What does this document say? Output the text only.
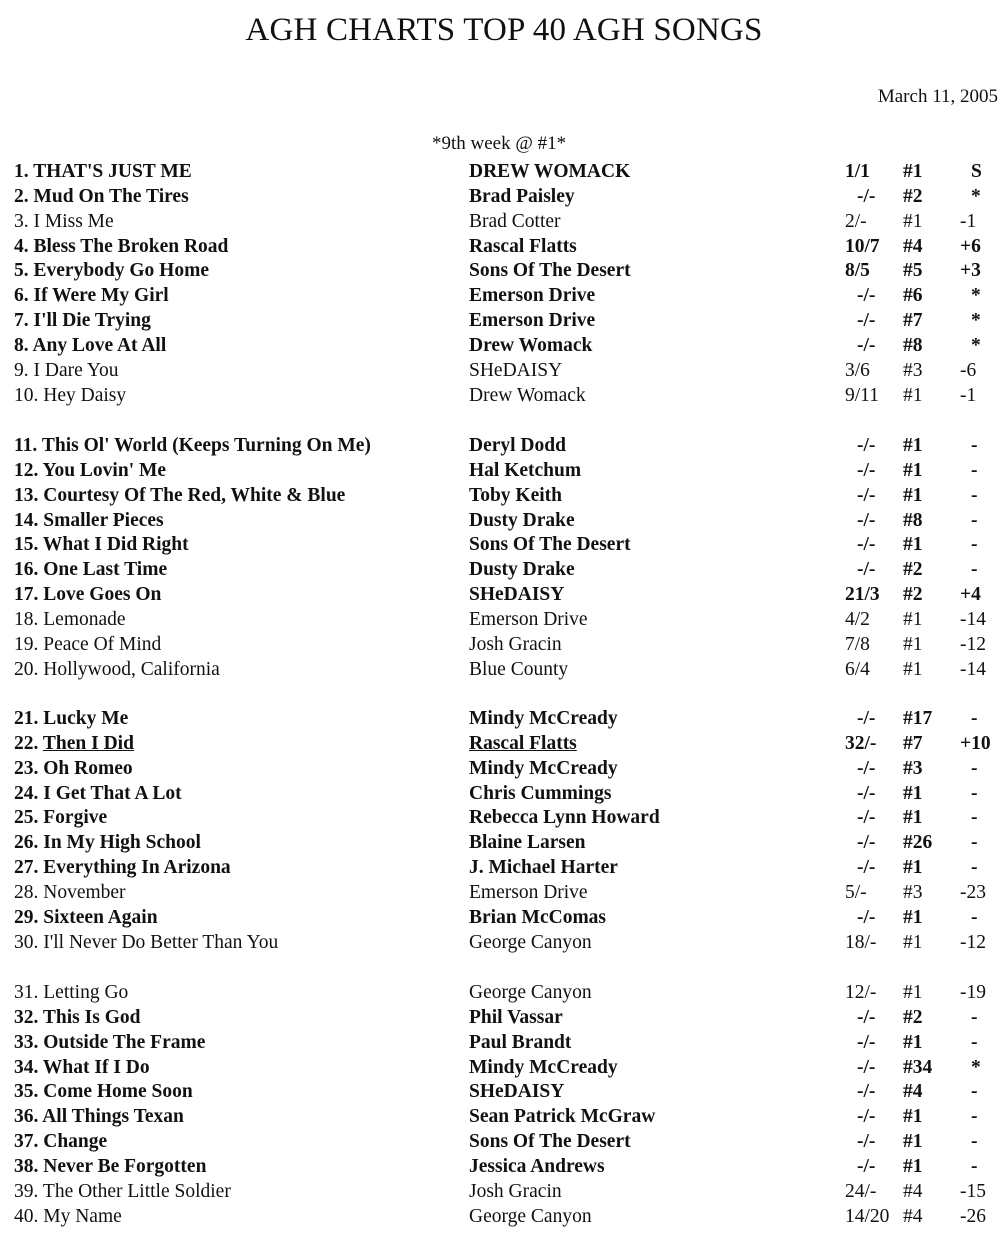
AGH CHARTS TOP 40 AGH SONGS
March 11, 2005
*9th week @ #1*
1. THAT'S JUST ME	DREW WOMACK	1/1 #1 S
2. Mud On The Tires	Brad Paisley	-/- #2 *
3. I Miss Me	Brad Cotter	2/- #1 -1
4. Bless The Broken Road	Rascal Flatts	10/7 #4 +6
5. Everybody Go Home	Sons Of The Desert	8/5 #5 +3
6. If Were My Girl	Emerson Drive	-/- #6 *
7. I'll Die Trying	Emerson Drive	-/- #7 *
8. Any Love At All	Drew Womack	-/- #8 *
9. I Dare You	SHeDAISY	3/6 #3 -6
10. Hey Daisy	Drew Womack	9/11 #1 -1
11. This Ol' World (Keeps Turning On Me)	Deryl Dodd	-/- #1 -
12. You Lovin' Me	Hal Ketchum	-/- #1 -
13. Courtesy Of The Red, White & Blue	Toby Keith	-/- #1 -
14. Smaller Pieces	Dusty Drake	-/- #8 -
15. What I Did Right	Sons Of The Desert	-/- #1 -
16. One Last Time	Dusty Drake	-/- #2 -
17. Love Goes On	SHeDAISY	21/3 #2 +4
18. Lemonade	Emerson Drive	4/2 #1 -14
19. Peace Of Mind	Josh Gracin	7/8 #1 -12
20. Hollywood, California	Blue County	6/4 #1 -14
21. Lucky Me	Mindy McCready	-/- #17 -
22. Then I Did	Rascal Flatts	32/- #7 +10
23. Oh Romeo	Mindy McCready	-/- #3 -
24. I Get That A Lot	Chris Cummings	-/- #1 -
25. Forgive	Rebecca Lynn Howard	-/- #1 -
26. In My High School	Blaine Larsen	-/- #26 -
27. Everything In Arizona	J. Michael Harter	-/- #1 -
28. November	Emerson Drive	5/- #3 -23
29. Sixteen Again	Brian McComas	-/- #1 -
30. I'll Never Do Better Than You	George Canyon	18/- #1 -12
31. Letting Go	George Canyon	12/- #1 -19
32. This Is God	Phil Vassar	-/- #2 -
33. Outside The Frame	Paul Brandt	-/- #1 -
34. What If I Do	Mindy McCready	-/- #34 *
35. Come Home Soon	SHeDAISY	-/- #4 -
36. All Things Texan	Sean Patrick McGraw	-/- #1 -
37. Change	Sons Of The Desert	-/- #1 -
38. Never Be Forgotten	Jessica Andrews	-/- #1 -
39. The Other Little Soldier	Josh Gracin	24/- #4 -15
40. My Name	George Canyon	14/20 #4 -26
